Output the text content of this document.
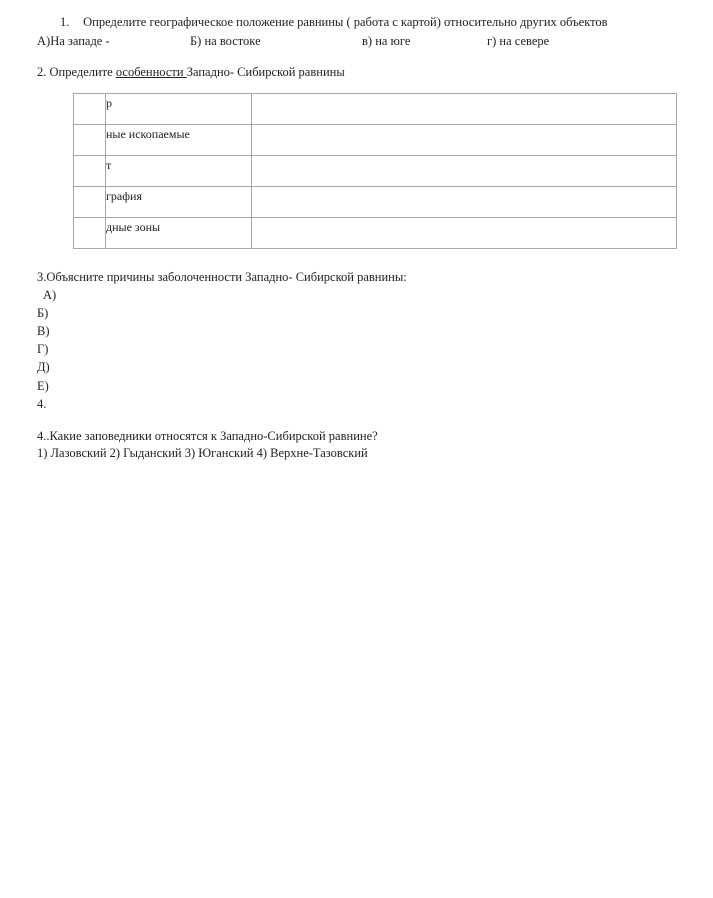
1. Определите географическое положение равнины ( работа с картой) относительно других объектов
А)На западе -	Б) на востоке	в) на юге	г) на севере
2. Определите особенности Западно- Сибирской равнины

	р	

	ные ископаемые	

	т	

	графия	

	дные зоны	

3.Объясните причины заболоченности Западно- Сибирской равнины:
А)
Б)
В)
Г)
Д)
Е)
4.
4..Какие заповедники относятся к Западно-Сибирской равнине?
1) Лазовский 2) Гыданский 3) Юганский 4) Верхне-Тазовский
